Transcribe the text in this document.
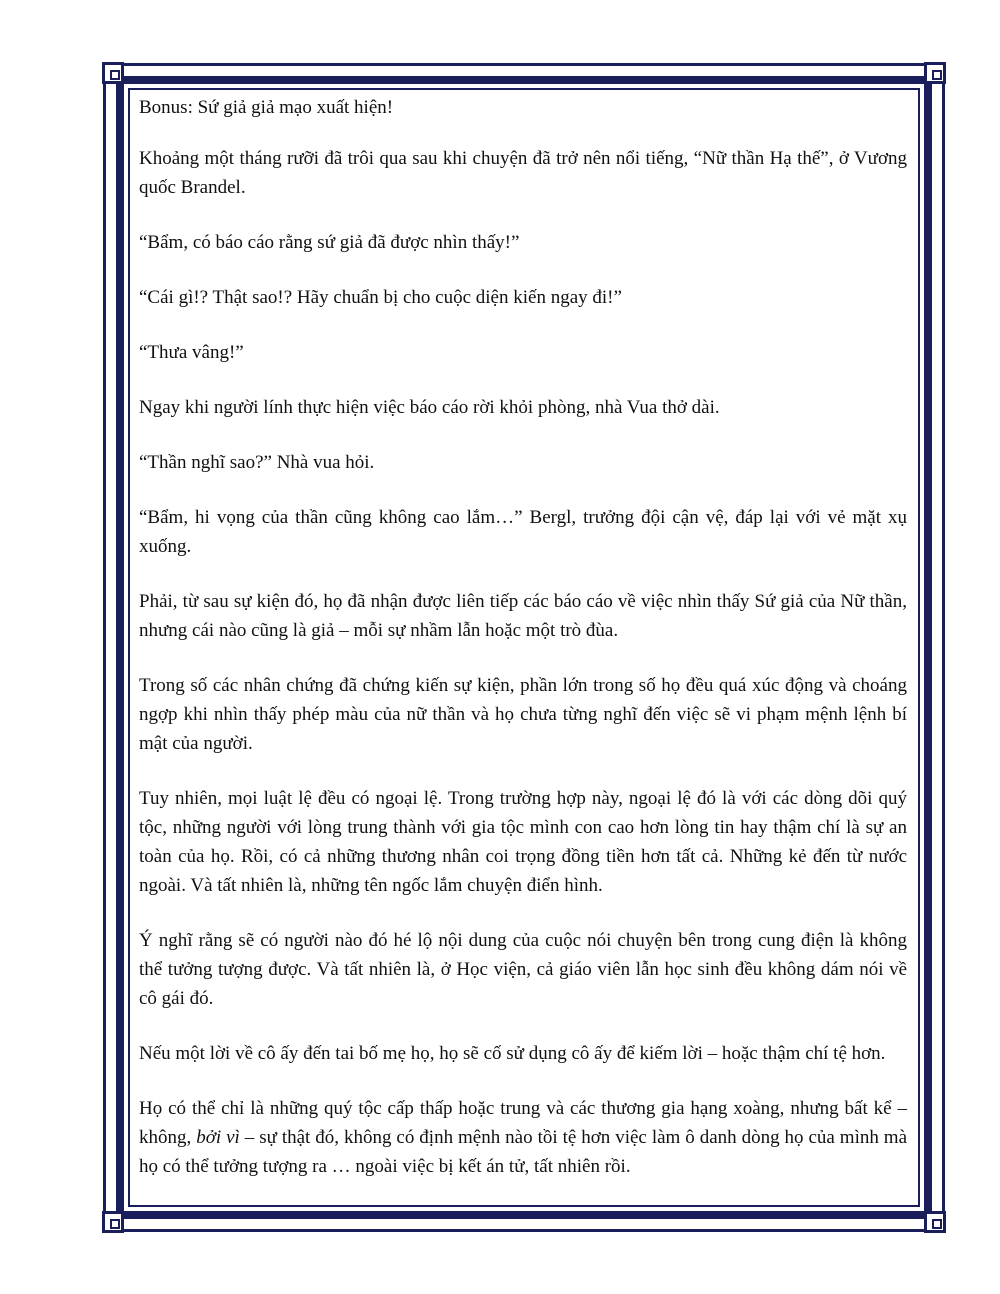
Bonus: Sứ giả giả mạo xuất hiện!

Khoảng một tháng rưỡi đã trôi qua sau khi chuyện đã trở nên nổi tiếng, “Nữ thần Hạ thế”, ở Vương quốc Brandel.

“Bẩm, có báo cáo rằng sứ giả đã được nhìn thấy!”

“Cái gì!? Thật sao!? Hãy chuẩn bị cho cuộc diện kiến ngay đi!”

“Thưa vâng!”

Ngay khi người lính thực hiện việc báo cáo rời khỏi phòng, nhà Vua thở dài.

“Thần nghĩ sao?” Nhà vua hỏi.

“Bẩm, hi vọng của thần cũng không cao lắm…” Bergl, trưởng đội cận vệ, đáp lại với vẻ mặt xụ xuống.

Phải, từ sau sự kiện đó, họ đã nhận được liên tiếp các báo cáo về việc nhìn thấy Sứ giả của Nữ thần, nhưng cái nào cũng là giả – mỗi sự nhầm lẫn hoặc một trò đùa.

Trong số các nhân chứng đã chứng kiến sự kiện, phần lớn trong số họ đều quá xúc động và choáng ngợp khi nhìn thấy phép màu của nữ thần và họ chưa từng nghĩ đến việc sẽ vi phạm mệnh lệnh bí mật của người.

Tuy nhiên, mọi luật lệ đều có ngoại lệ. Trong trường hợp này, ngoại lệ đó là với các dòng dõi quý tộc, những người với lòng trung thành với gia tộc mình con cao hơn lòng tin hay thậm chí là sự an toàn của họ. Rồi, có cả những thương nhân coi trọng đồng tiền hơn tất cả. Những kẻ đến từ nước ngoài. Và tất nhiên là, những tên ngốc lắm chuyện điển hình.

Ý nghĩ rằng sẽ có người nào đó hé lộ nội dung của cuộc nói chuyện bên trong cung điện là không thể tưởng tượng được. Và tất nhiên là, ở Học viện, cả giáo viên lẫn học sinh đều không dám nói về cô gái đó.

Nếu một lời về cô ấy đến tai bố mẹ họ, họ sẽ cố sử dụng cô ấy để kiếm lời – hoặc thậm chí tệ hơn.

Họ có thể chỉ là những quý tộc cấp thấp hoặc trung và các thương gia hạng xoàng, nhưng bất kể – không, bởi vì – sự thật đó, không có định mệnh nào tồi tệ hơn việc làm ô danh dòng họ của mình mà họ có thể tưởng tượng ra … ngoài việc bị kết án tử, tất nhiên rồi.
